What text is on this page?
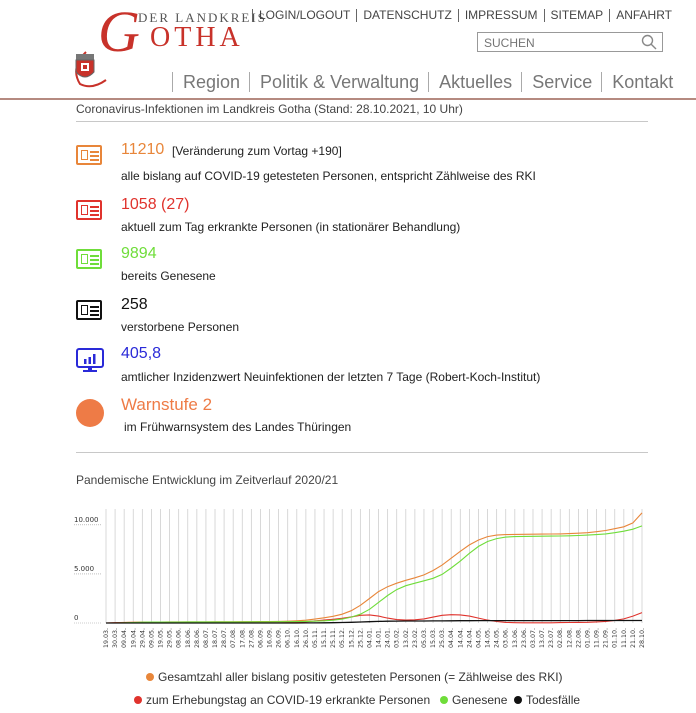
DER LANDKREIS
G OTHA
LOGIN/LOGOUT	DATENSCHUTZ	IMPRESSUM	SITEMAP	ANFAHRT
SUCHEN
Region	Politik & Verwaltung	Aktuelles	Service	Kontakt
Coronavirus-Infektionen im Landkreis Gotha (Stand: 28.10.2021, 10 Uhr)
11210 [Veränderung zum Vortag +190]
alle bislang auf COVID-19 getesteten Personen, entspricht Zählweise des RKI
1058 (27)
aktuell zum Tag erkrankte Personen (in stationärer Behandlung)
9894
bereits Genesene
258
verstorbene Personen
405,8
amtlicher Inzidenzwert Neuinfektionen der letzten 7 Tage (Robert-Koch-Institut)
Warnstufe 2
im Frühwarnsystem des Landes Thüringen
Pandemische Entwicklung im Zeitverlauf 2020/21
10.000
5.000
0
19.03. 30.03. 09.04. 19.04. 29.04. 09.05. 19.05. 29.05. 08.06. 18.06. 28.06. 08.07. 18.07. 28.07. 07.08. 17.08. 27.08. 06.09. 16.09. 26.09. 06.10. 16.10. 26.10. 05.11. 15.11. 25.11. 05.12. 15.12. 25.12. 04.01. 14.01. 24.01. 03.02. 13.02. 23.02. 05.03. 15.03. 25.03. 04.04. 14.04. 24.04. 04.05. 14.05. 24.05. 03.06. 13.06. 23.06. 03.07. 13.07. 23.07. 02.08. 12.08. 22.08. 01.09. 11.09. 21.09. 01.10. 11.10. 21.10. 28.10.
Gesamtzahl aller bislang positiv getesteten Personen (= Zählweise des RKI)
zum Erhebungstag an COVID-19 erkrankte Personen	Genesene	Todesfälle
